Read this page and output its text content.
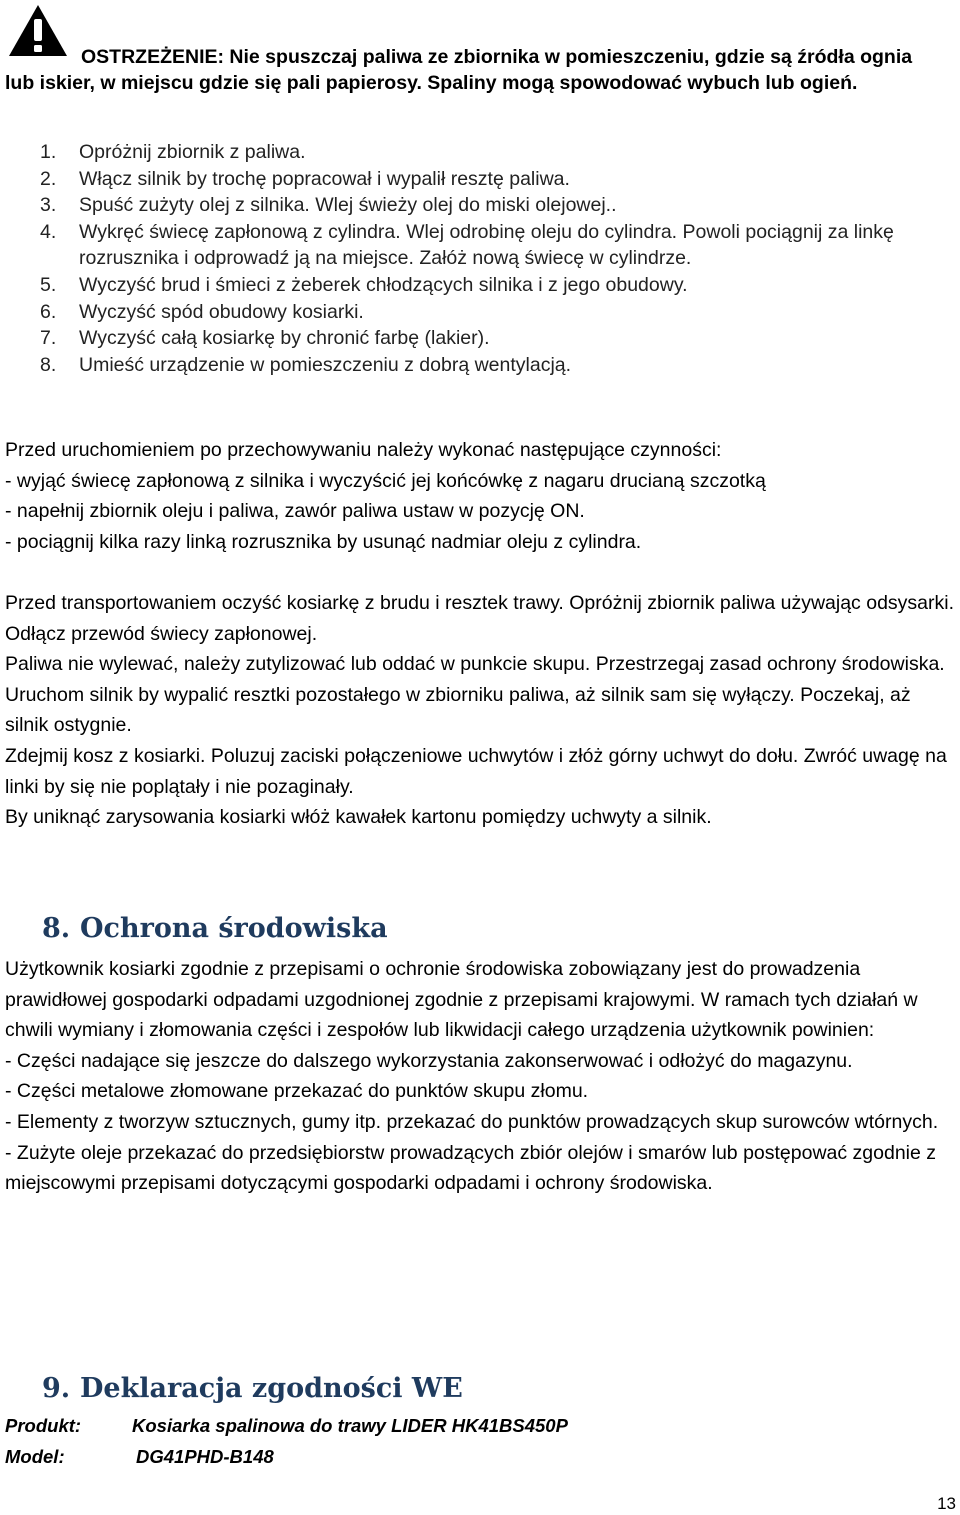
OSTRZEŻENIE: Nie spuszczaj paliwa ze zbiornika w pomieszczeniu, gdzie są źródła ognia lub iskier, w miejscu gdzie się pali papierosy. Spaliny mogą spowodować wybuch lub ogień.
1. Opróżnij zbiornik z paliwa.
2. Włącz silnik by trochę popracował i wypalił resztę paliwa.
3. Spuść zużyty olej z silnika. Wlej świeży olej do miski olejowej..
4. Wykręć świecę zapłonową z cylindra. Wlej odrobinę oleju do cylindra. Powoli pociągnij za linkę rozrusznika i odprowadź ją na miejsce. Załóż nową świecę w cylindrze.
5. Wyczyść brud i śmieci z żeberek chłodzących silnika i z jego obudowy.
6. Wyczyść spód obudowy kosiarki.
7. Wyczyść całą kosiarkę by chronić farbę (lakier).
8. Umieść urządzenie w pomieszczeniu z dobrą wentylacją.

Przed uruchomieniem po przechowywaniu należy wykonać następujące czynności:

- wyjąć świecę zapłonową z silnika i wyczyścić jej końcówkę z nagaru drucianą szczotką

- napełnij zbiornik oleju i paliwa, zawór paliwa ustaw w pozycję ON.

- pociągnij kilka razy linką rozrusznika by usunąć nadmiar oleju z cylindra.

Przed transportowaniem oczyść kosiarkę z brudu i resztek trawy. Opróżnij zbiornik paliwa używając odsysarki. Odłącz przewód świecy zapłonowej.

Paliwa nie wylewać, należy zutylizować lub oddać w punkcie skupu. Przestrzegaj zasad ochrony środowiska.

Uruchom silnik by wypalić resztki pozostałego w zbiorniku paliwa, aż silnik sam się wyłączy. Poczekaj, aż silnik ostygnie.

Zdejmij kosz z kosiarki. Poluzuj zaciski połączeniowe uchwytów i złóż górny uchwyt do dołu. Zwróć uwagę na linki by się nie poplątały i nie pozaginały.

By uniknąć zarysowania kosiarki włóż kawałek kartonu pomiędzy uchwyty a silnik.

8. Ochrona środowiska

Użytkownik kosiarki zgodnie z przepisami o ochronie środowiska zobowiązany jest do prowadzenia prawidłowej gospodarki odpadami uzgodnionej zgodnie z przepisami krajowymi. W ramach tych działań w chwili wymiany i złomowania części i zespołów lub likwidacji całego urządzenia użytkownik powinien:

- Części nadające się jeszcze do dalszego wykorzystania zakonserwować i odłożyć do magazynu.

- Części metalowe złomowane przekazać do punktów skupu złomu.

- Elementy z tworzyw sztucznych, gumy itp. przekazać do punktów prowadzących skup surowców wtórnych.

- Zużyte oleje przekazać do przedsiębiorstw prowadzących zbiór olejów i smarów lub postępować zgodnie z miejscowymi przepisami dotyczącymi gospodarki odpadami i ochrony środowiska.

9. Deklaracja zgodności WE
Produkt:	Kosiarka spalinowa do trawy LIDER HK41BS450P
Model:	DG41PHD-B148
13
